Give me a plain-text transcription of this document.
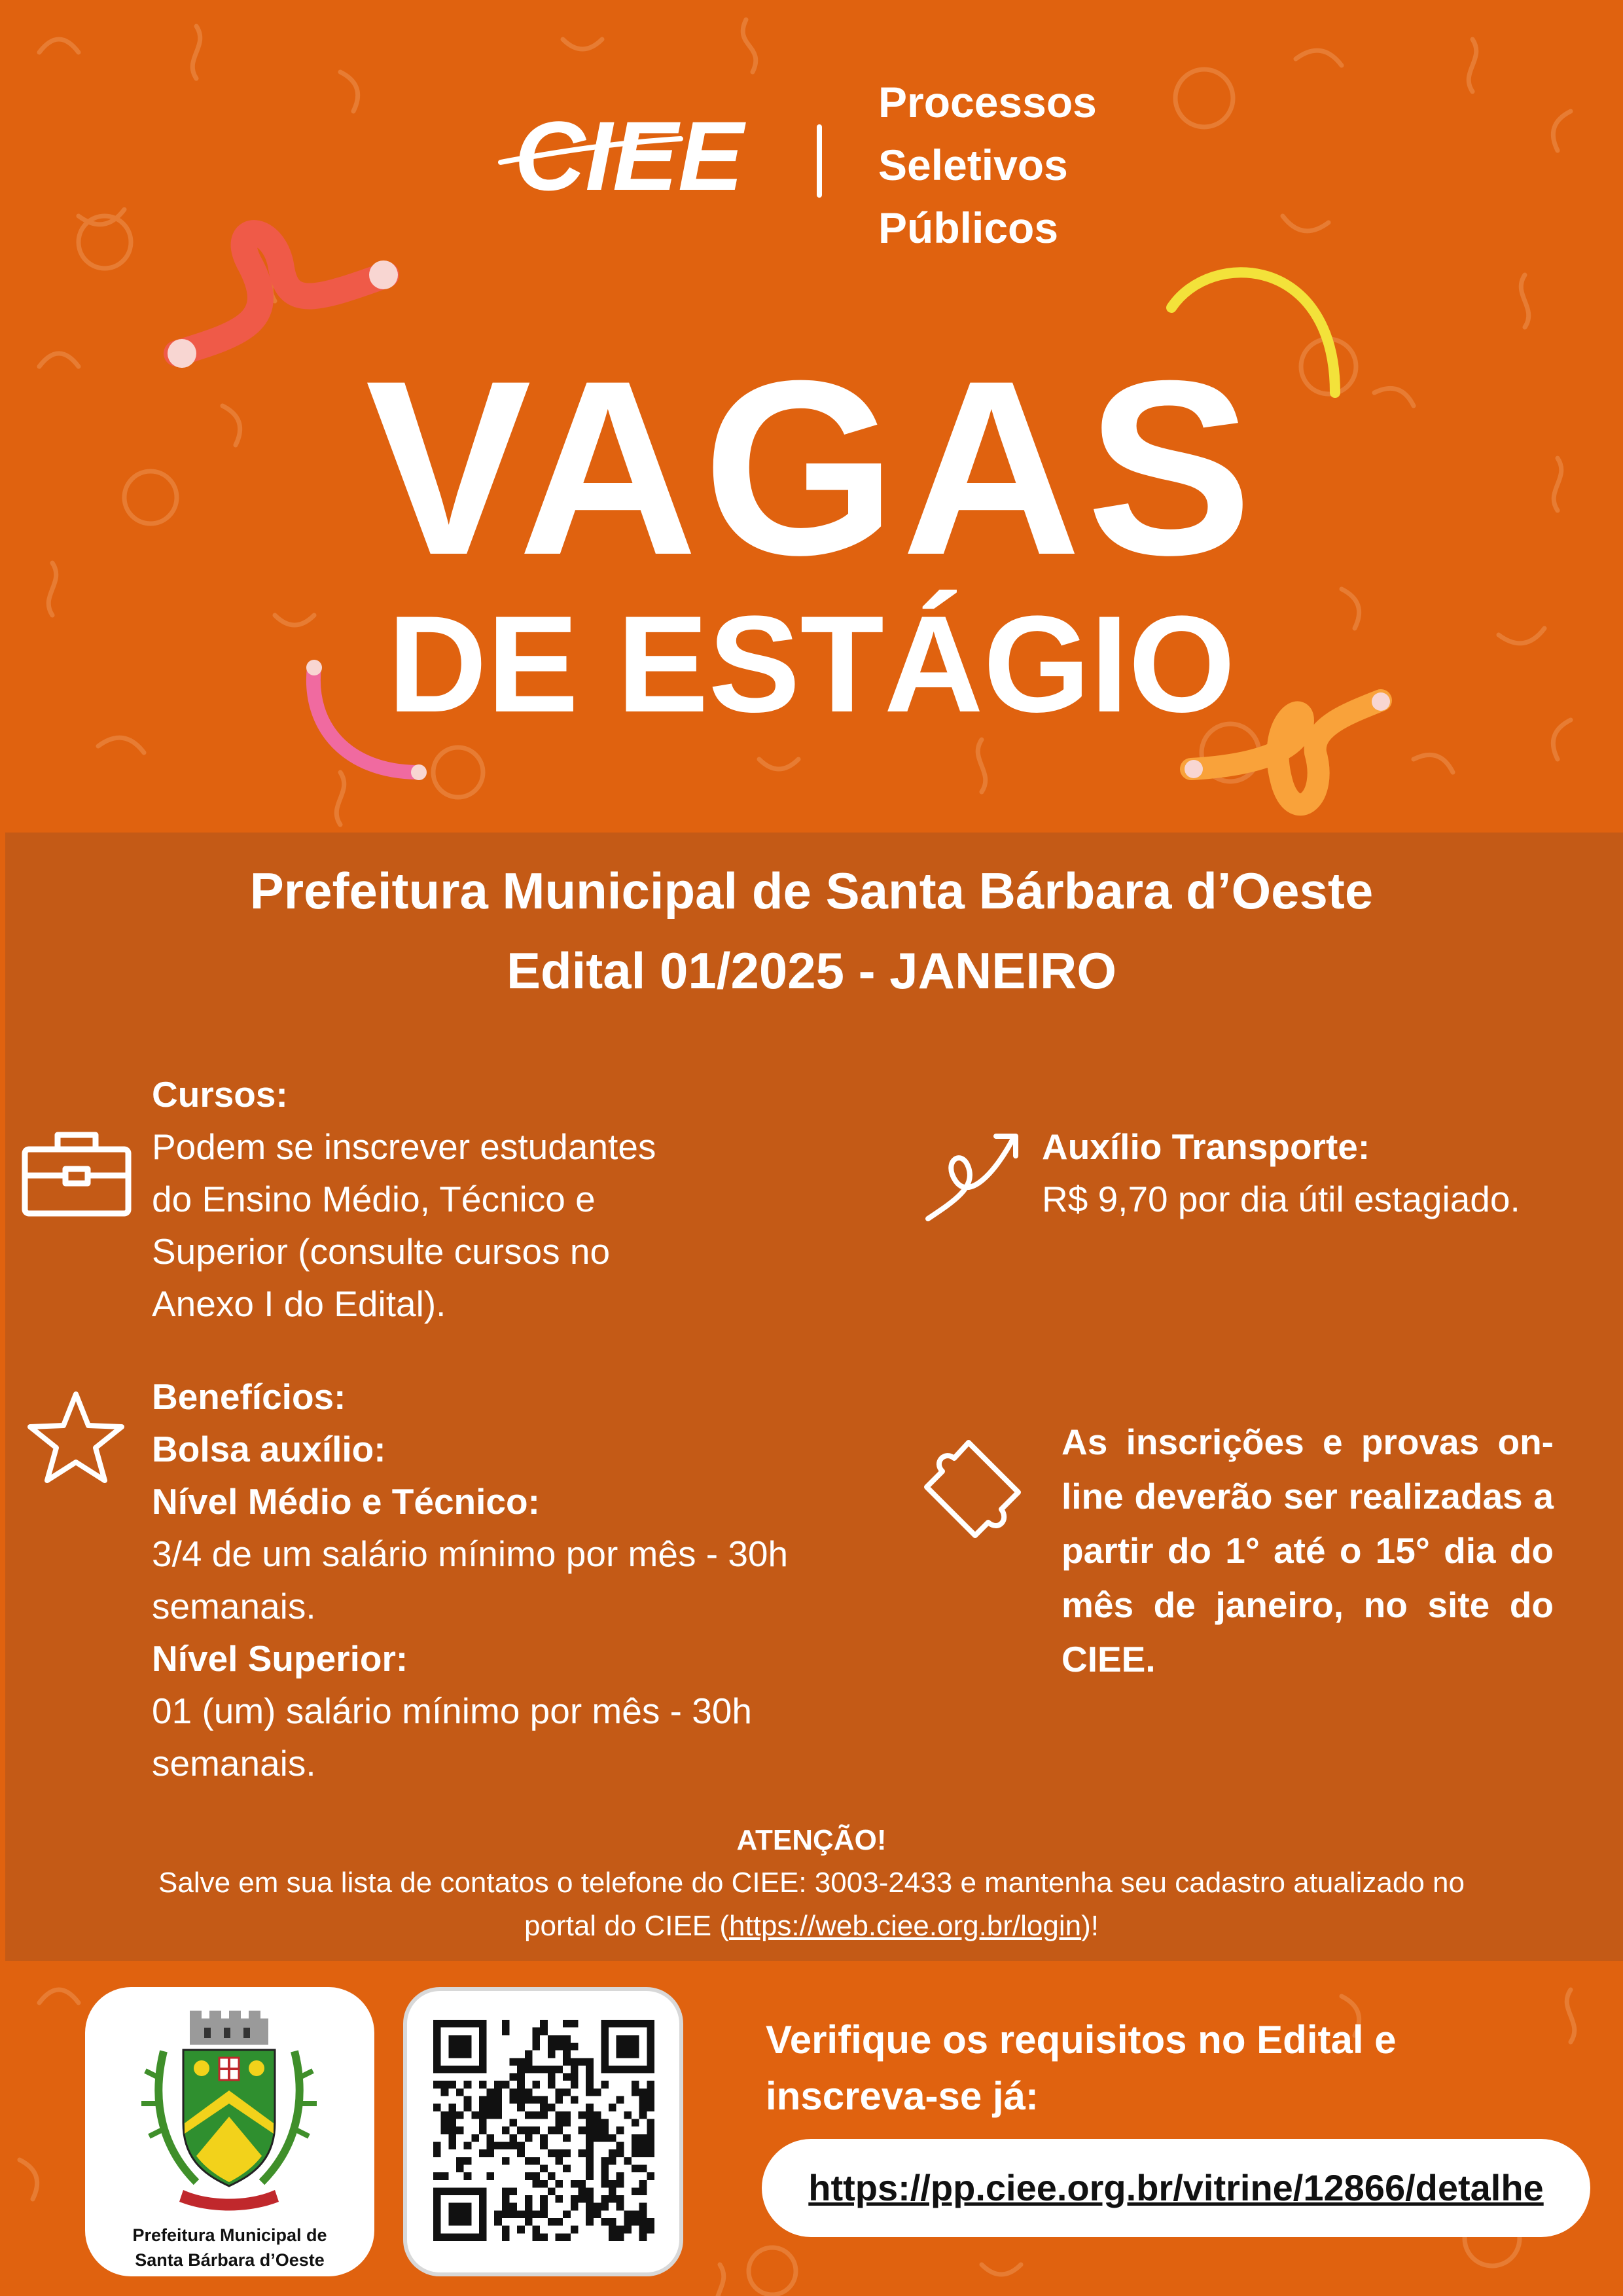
CIEE	Processos
Seletivos
Públicos
VAGAS
DE ESTÁGIO
Prefeitura Municipal de Santa Bárbara d’Oeste
Edital 01/2025 - JANEIRO
Cursos:
Podem se inscrever estudantes
do Ensino Médio, Técnico e
Superior (consulte cursos no
Anexo I do Edital).
Auxílio Transporte:
R$ 9,70 por dia útil estagiado.
Benefícios:
Bolsa auxílio:
Nível Médio e Técnico:
3/4 de um salário mínimo por mês - 30h
semanais.
Nível Superior:
01 (um) salário mínimo por mês - 30h
semanais.
As inscrições e provas on-line deverão ser realizadas a partir do 1° até o 15° dia do mês de janeiro, no site do CIEE.
ATENÇÃO!
Salve em sua lista de contatos o telefone do CIEE: 3003-2433 e mantenha seu cadastro atualizado no portal do CIEE (https://web.ciee.org.br/login)!
Prefeitura Municipal de
Santa Bárbara d’Oeste
Verifique os requisitos no Edital e
inscreva-se já:
https://pp.ciee.org.br/vitrine/12866/detalhe
